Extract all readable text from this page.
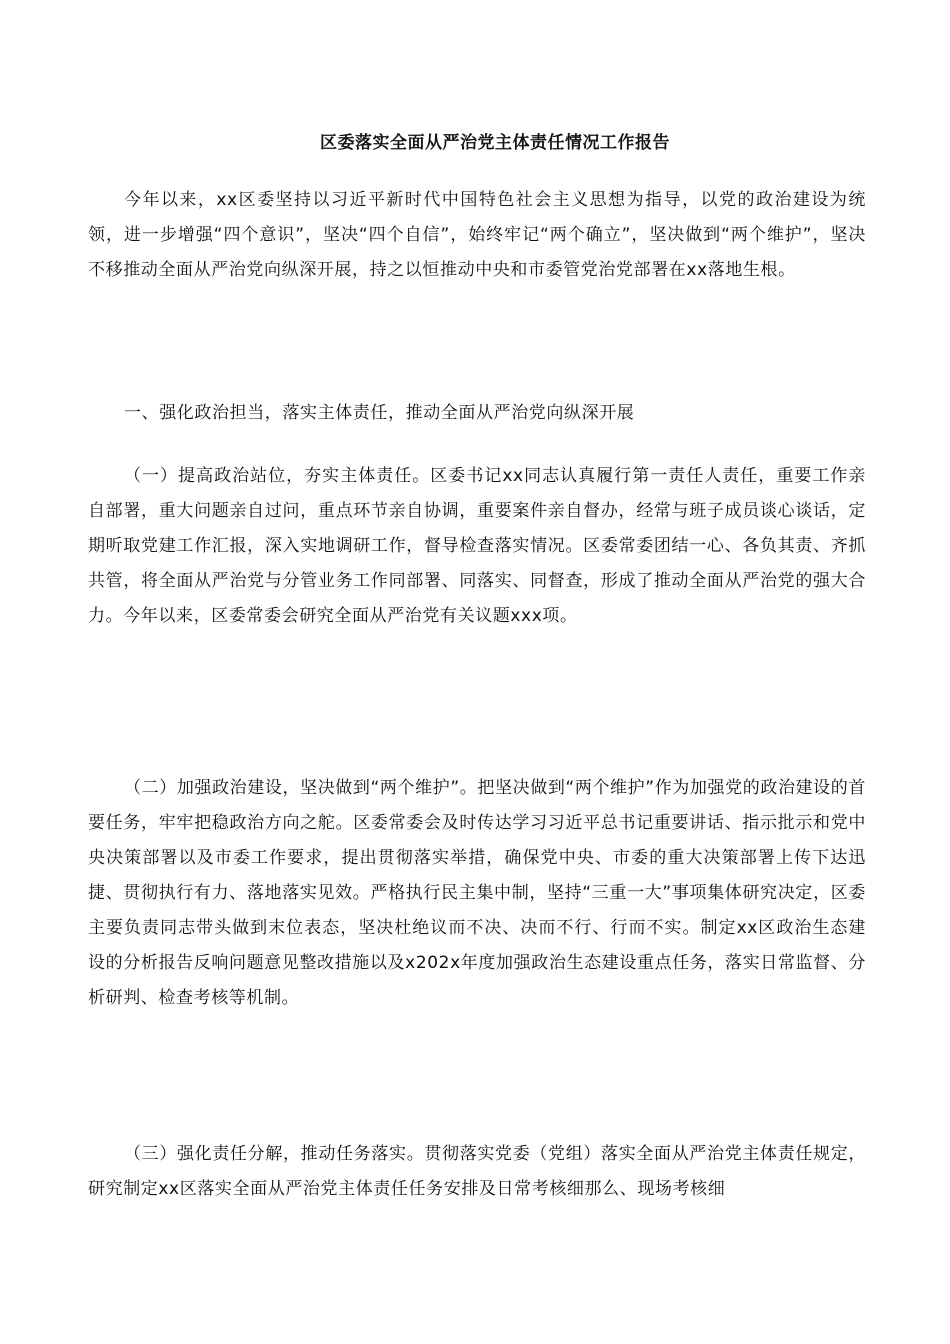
区委落实全面从严治党主体责任情况工作报告

今年以来，xx区委坚持以习近平新时代中国特色社会主义思想为指导，以党的政治建设为统领，进一步增强“四个意识”，坚决“四个自信”，始终牢记“两个确立”，坚决做到“两个维护”，坚决不移推动全面从严治党向纵深开展，持之以恒推动中央和市委管党治党部署在xx落地生根。

一、强化政治担当，落实主体责任，推动全面从严治党向纵深开展

（一）提高政治站位，夯实主体责任。区委书记xx同志认真履行第一责任人责任，重要工作亲自部署，重大问题亲自过问，重点环节亲自协调，重要案件亲自督办，经常与班子成员谈心谈话，定期听取党建工作汇报，深入实地调研工作，督导检查落实情况。区委常委团结一心、各负其责、齐抓共管，将全面从严治党与分管业务工作同部署、同落实、同督查，形成了推动全面从严治党的强大合力。今年以来，区委常委会研究全面从严治党有关议题xxx项。

（二）加强政治建设，坚决做到“两个维护”。把坚决做到“两个维护”作为加强党的政治建设的首要任务，牢牢把稳政治方向之舵。区委常委会及时传达学习习近平总书记重要讲话、指示批示和党中央决策部署以及市委工作要求，提出贯彻落实举措，确保党中央、市委的重大决策部署上传下达迅捷、贯彻执行有力、落地落实见效。严格执行民主集中制，坚持“三重一大”事项集体研究决定，区委主要负责同志带头做到末位表态，坚决杜绝议而不决、决而不行、行而不实。制定xx区政治生态建设的分析报告反响问题意见整改措施以及x202x年度加强政治生态建设重点任务，落实日常监督、分析研判、检查考核等机制。

（三）强化责任分解，推动任务落实。贯彻落实党委（党组）落实全面从严治党主体责任规定，研究制定xx区落实全面从严治党主体责任任务安排及日常考核细那么、现场考核细
